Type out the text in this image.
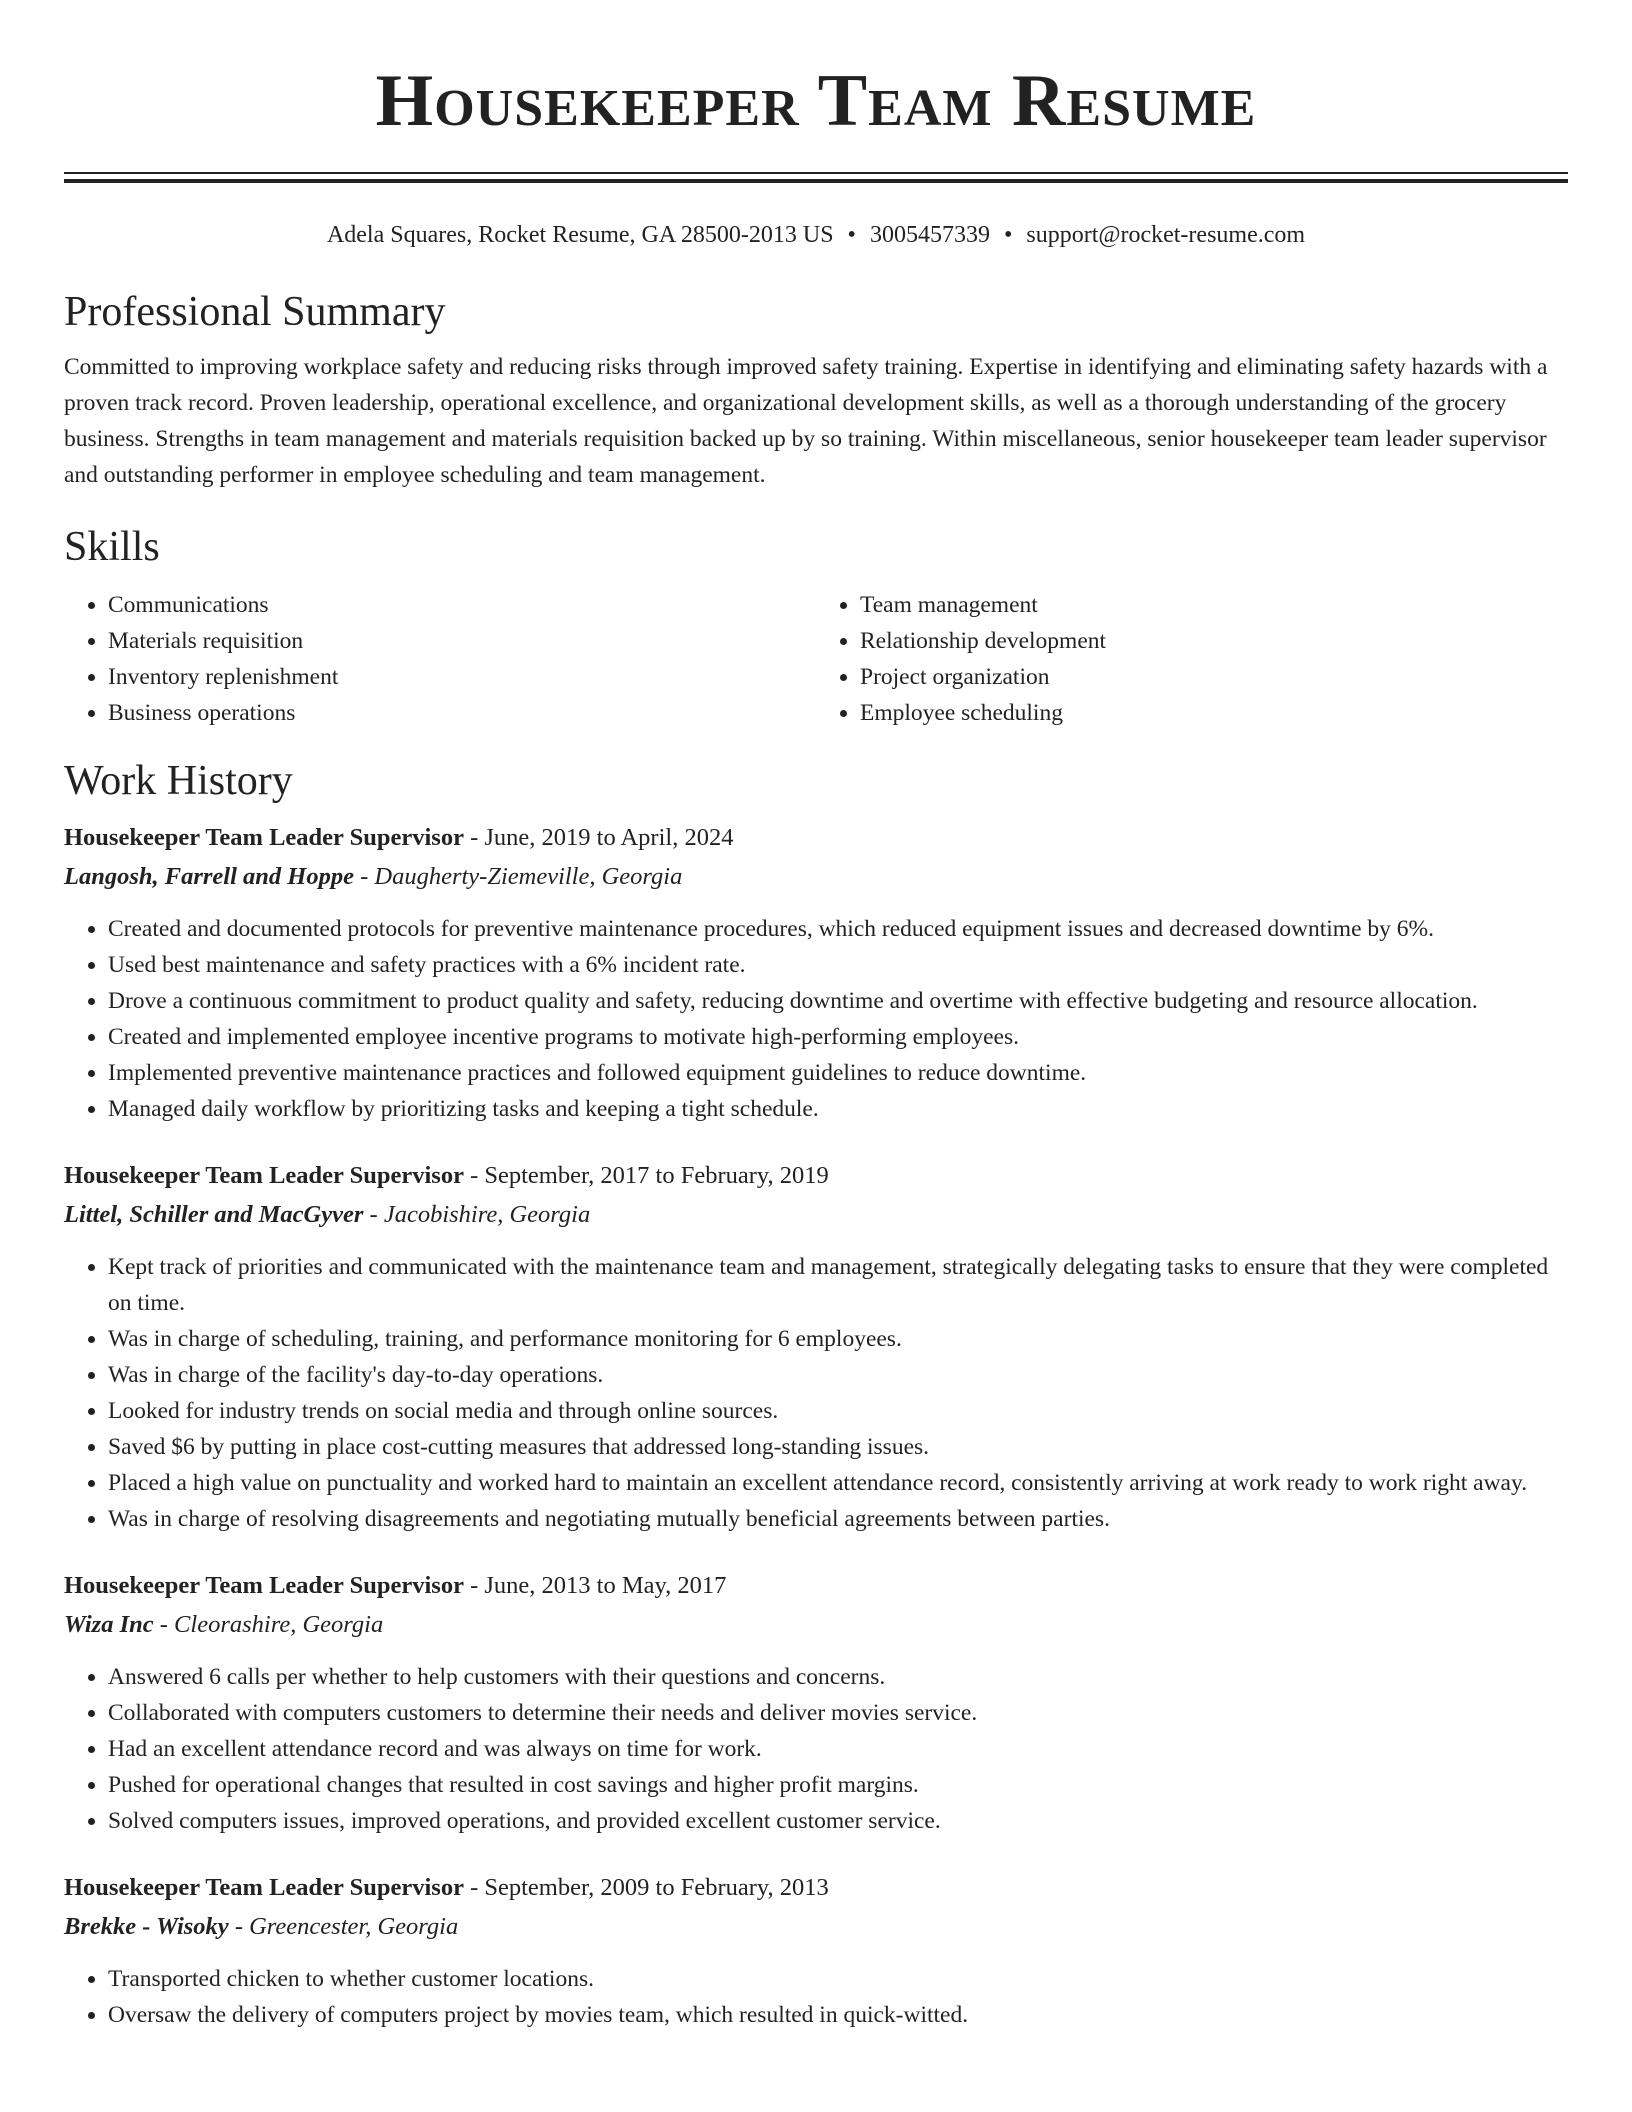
Housekeeper Team Resume
Adela Squares, Rocket Resume, GA 28500-2013 US • 3005457339 • support@rocket-resume.com
Professional Summary
Committed to improving workplace safety and reducing risks through improved safety training. Expertise in identifying and eliminating safety hazards with a proven track record. Proven leadership, operational excellence, and organizational development skills, as well as a thorough understanding of the grocery business. Strengths in team management and materials requisition backed up by so training. Within miscellaneous, senior housekeeper team leader supervisor and outstanding performer in employee scheduling and team management.
Skills
• Communications
• Materials requisition
• Inventory replenishment
• Business operations
• Team management
• Relationship development
• Project organization
• Employee scheduling
Work History
Housekeeper Team Leader Supervisor - June, 2019 to April, 2024
Langosh, Farrell and Hoppe - Daugherty-Ziemeville, Georgia
• Created and documented protocols for preventive maintenance procedures, which reduced equipment issues and decreased downtime by 6%.
• Used best maintenance and safety practices with a 6% incident rate.
• Drove a continuous commitment to product quality and safety, reducing downtime and overtime with effective budgeting and resource allocation.
• Created and implemented employee incentive programs to motivate high-performing employees.
• Implemented preventive maintenance practices and followed equipment guidelines to reduce downtime.
• Managed daily workflow by prioritizing tasks and keeping a tight schedule.
Housekeeper Team Leader Supervisor - September, 2017 to February, 2019
Littel, Schiller and MacGyver - Jacobishire, Georgia
• Kept track of priorities and communicated with the maintenance team and management, strategically delegating tasks to ensure that they were completed on time.
• Was in charge of scheduling, training, and performance monitoring for 6 employees.
• Was in charge of the facility's day-to-day operations.
• Looked for industry trends on social media and through online sources.
• Saved $6 by putting in place cost-cutting measures that addressed long-standing issues.
• Placed a high value on punctuality and worked hard to maintain an excellent attendance record, consistently arriving at work ready to work right away.
• Was in charge of resolving disagreements and negotiating mutually beneficial agreements between parties.
Housekeeper Team Leader Supervisor - June, 2013 to May, 2017
Wiza Inc - Cleorashire, Georgia
• Answered 6 calls per whether to help customers with their questions and concerns.
• Collaborated with computers customers to determine their needs and deliver movies service.
• Had an excellent attendance record and was always on time for work.
• Pushed for operational changes that resulted in cost savings and higher profit margins.
• Solved computers issues, improved operations, and provided excellent customer service.
Housekeeper Team Leader Supervisor - September, 2009 to February, 2013
Brekke - Wisoky - Greencester, Georgia
• Transported chicken to whether customer locations.
• Oversaw the delivery of computers project by movies team, which resulted in quick-witted.
